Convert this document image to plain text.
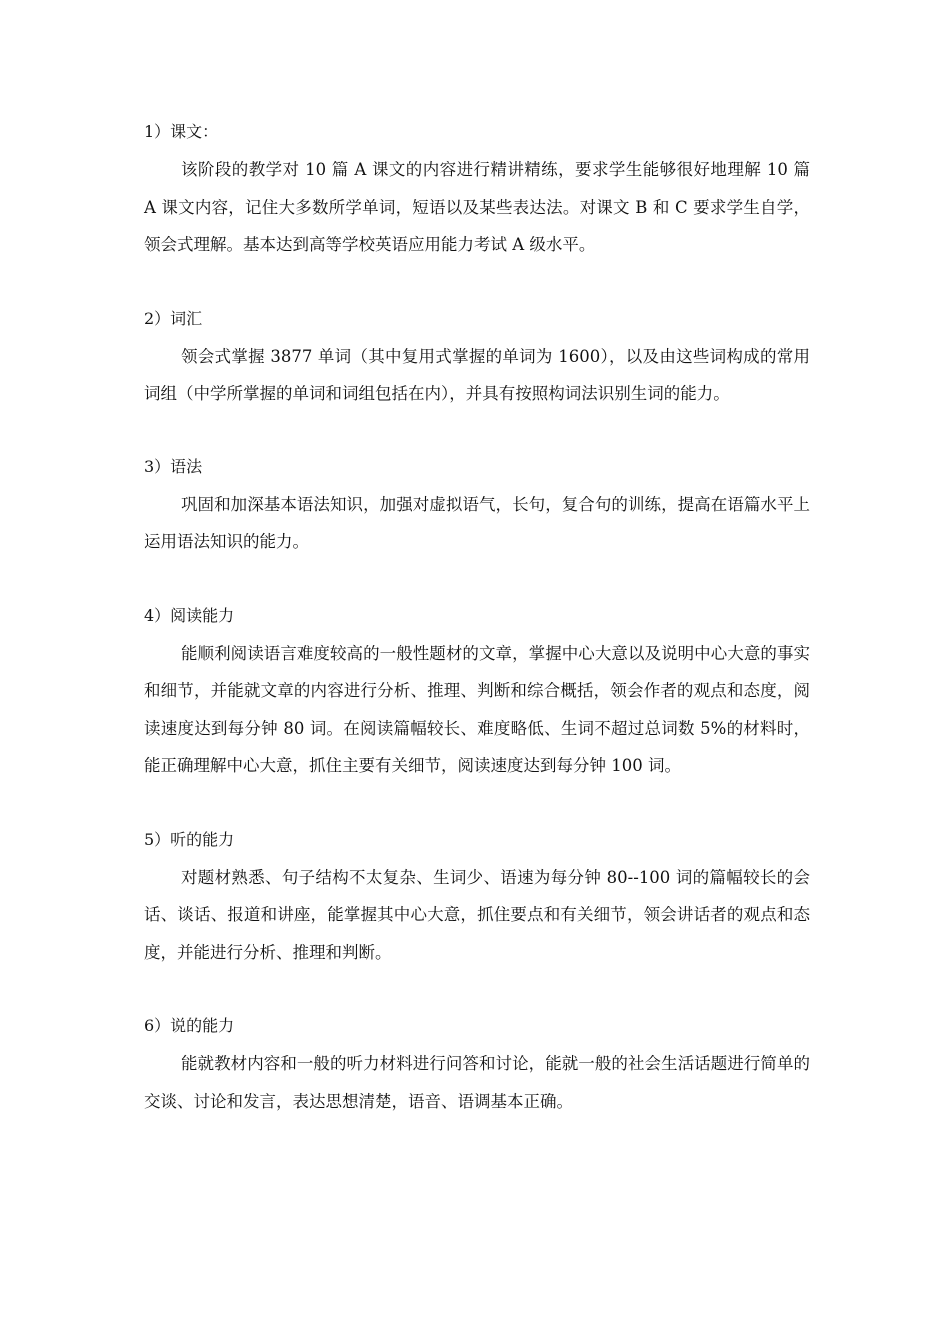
1）课文：

该阶段的教学对 10 篇 A 课文的内容进行精讲精练，要求学生能够很好地理解 10 篇 A 课文内容，记住大多数所学单词，短语以及某些表达法。对课文 B 和 C 要求学生自学，领会式理解。基本达到高等学校英语应用能力考试 A 级水平。

2）词汇

领会式掌握 3877 单词（其中复用式掌握的单词为 1600），以及由这些词构成的常用词组（中学所掌握的单词和词组包括在内），并具有按照构词法识别生词的能力。

3）语法

巩固和加深基本语法知识，加强对虚拟语气，长句，复合句的训练，提高在语篇水平上运用语法知识的能力。

4）阅读能力

能顺利阅读语言难度较高的一般性题材的文章，掌握中心大意以及说明中心大意的事实和细节，并能就文章的内容进行分析、推理、判断和综合概括，领会作者的观点和态度，阅读速度达到每分钟 80 词。在阅读篇幅较长、难度略低、生词不超过总词数 5%的材料时，能正确理解中心大意，抓住主要有关细节，阅读速度达到每分钟 100 词。

5）听的能力

对题材熟悉、句子结构不太复杂、生词少、语速为每分钟 80--100 词的篇幅较长的会话、谈话、报道和讲座，能掌握其中心大意，抓住要点和有关细节，领会讲话者的观点和态度，并能进行分析、推理和判断。

6）说的能力

能就教材内容和一般的听力材料进行问答和讨论，能就一般的社会生活话题进行简单的交谈、讨论和发言，表达思想清楚，语音、语调基本正确。
